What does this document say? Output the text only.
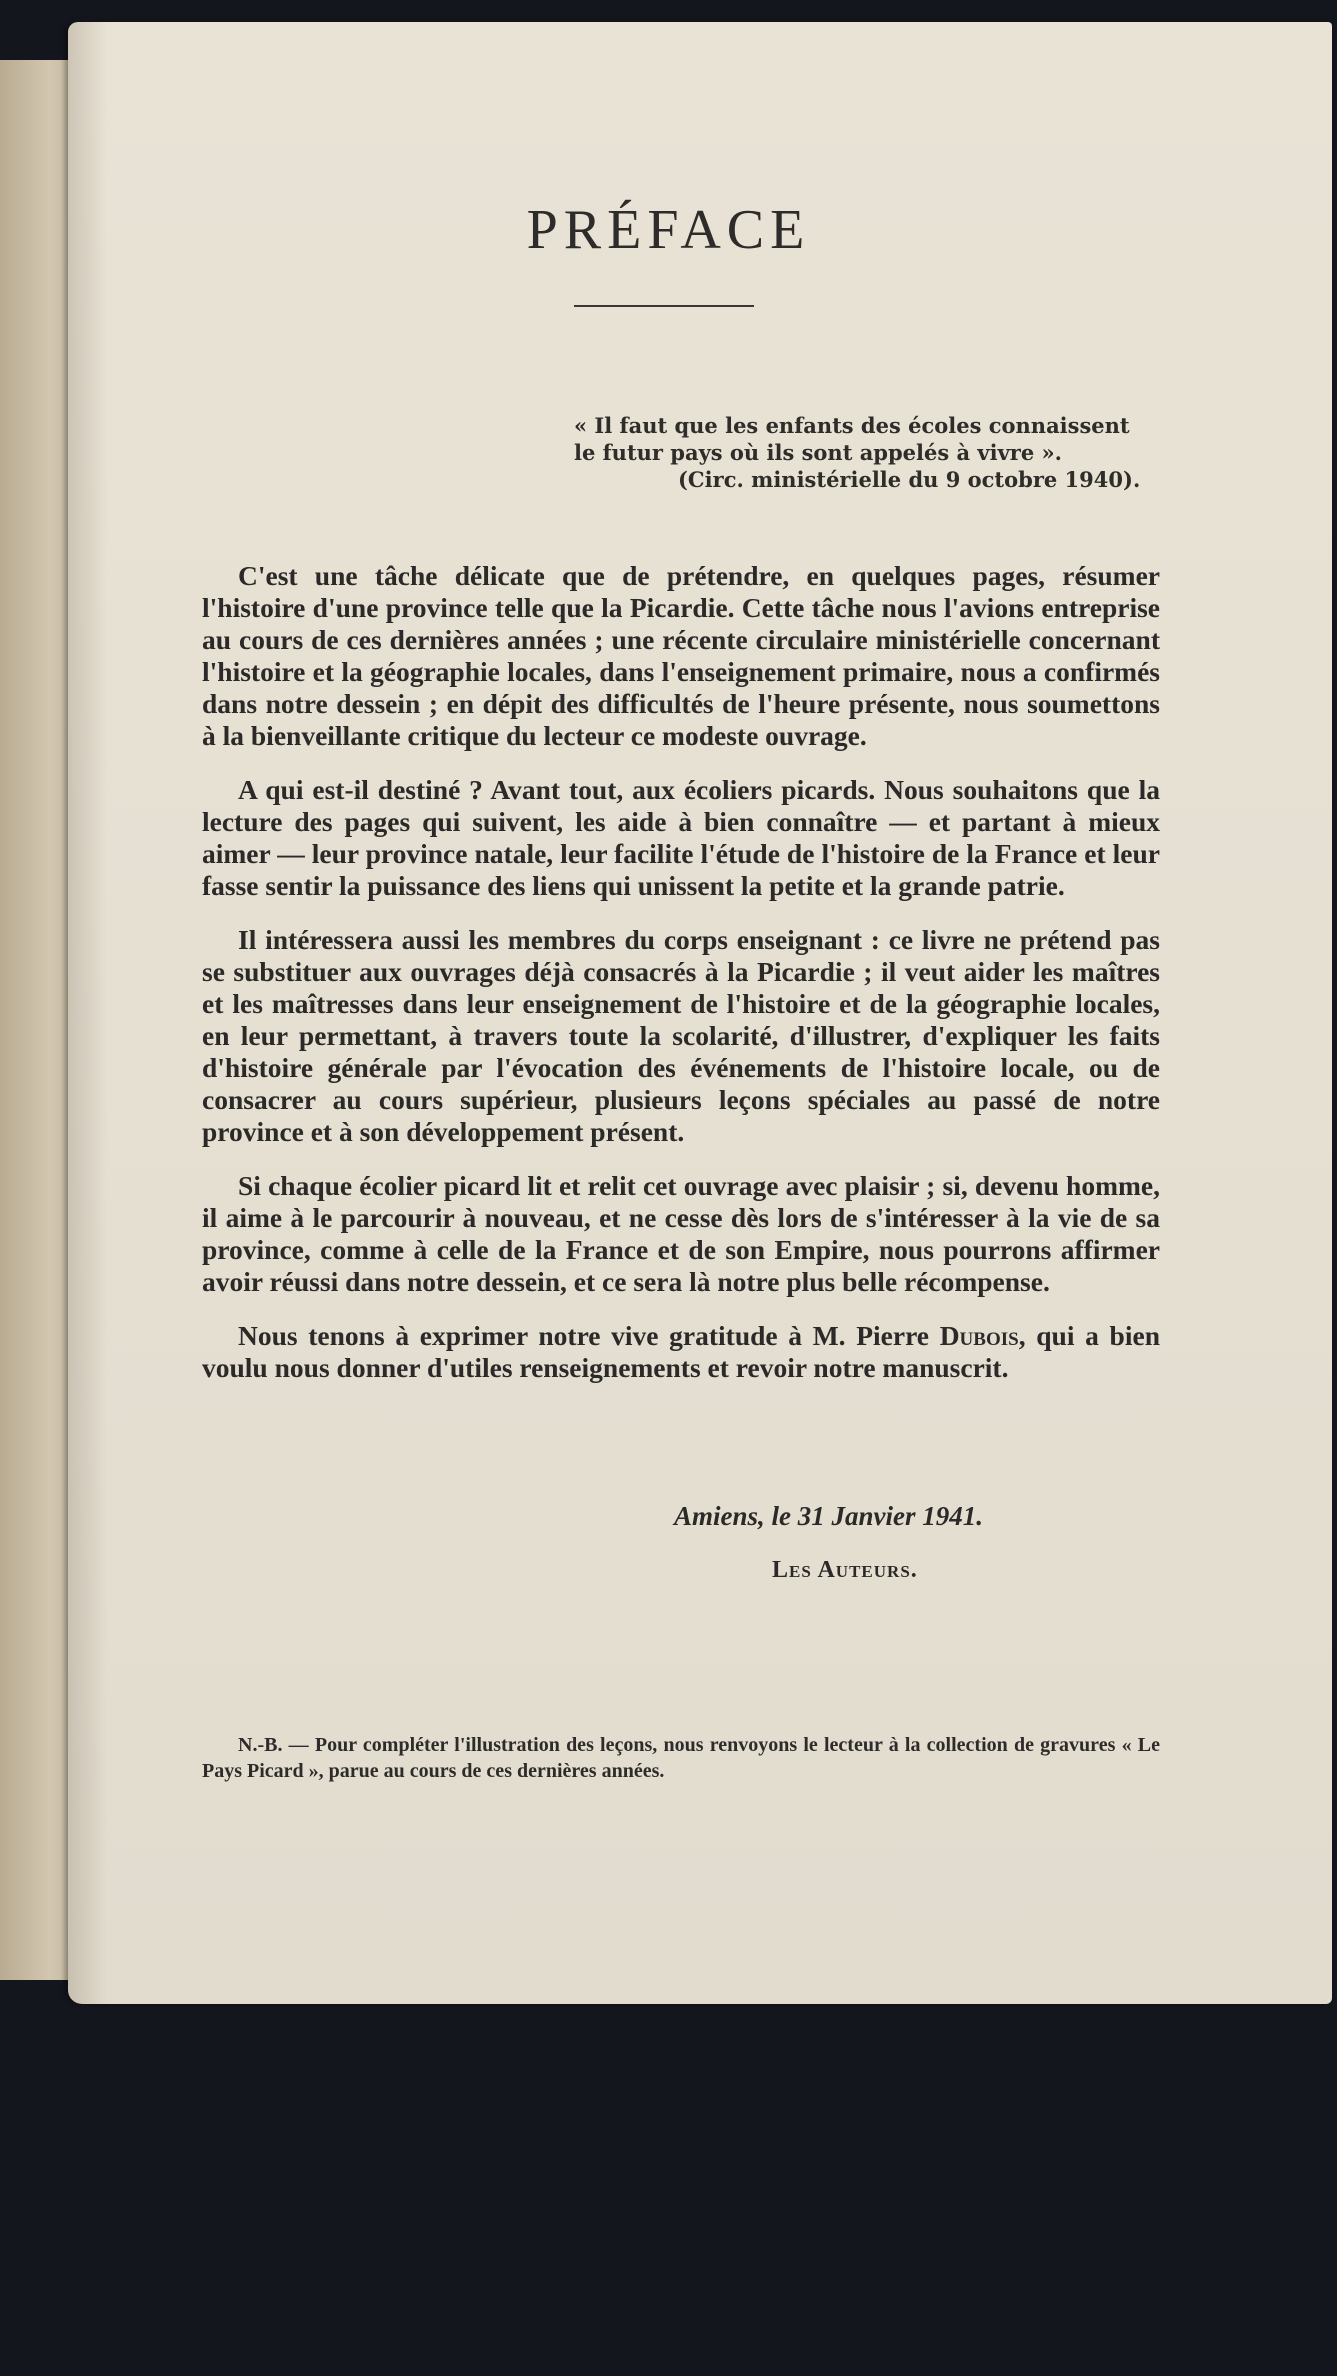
PRÉFACE
« Il faut que les enfants des écoles connaissent
le futur pays où ils sont appelés à vivre ».
(Circ. ministérielle du 9 octobre 1940).

C'est une tâche délicate que de prétendre, en quelques pages, résumer l'histoire d'une province telle que la Picardie. Cette tâche nous l'avions entreprise au cours de ces dernières années ; une récente circulaire ministérielle concernant l'histoire et la géographie locales, dans l'enseignement primaire, nous a confirmés dans notre dessein ; en dépit des difficultés de l'heure présente, nous soumettons à la bienveillante critique du lecteur ce modeste ouvrage.

A qui est-il destiné ? Avant tout, aux écoliers picards. Nous souhaitons que la lecture des pages qui suivent, les aide à bien connaître — et partant à mieux aimer — leur province natale, leur facilite l'étude de l'histoire de la France et leur fasse sentir la puissance des liens qui unissent la petite et la grande patrie.

Il intéressera aussi les membres du corps enseignant : ce livre ne prétend pas se substituer aux ouvrages déjà consacrés à la Picardie ; il veut aider les maîtres et les maîtresses dans leur enseignement de l'histoire et de la géographie locales, en leur permettant, à travers toute la scolarité, d'illustrer, d'expliquer les faits d'histoire générale par l'évocation des événements de l'histoire locale, ou de consacrer au cours supérieur, plusieurs leçons spéciales au passé de notre province et à son développement présent.

Si chaque écolier picard lit et relit cet ouvrage avec plaisir ; si, devenu homme, il aime à le parcourir à nouveau, et ne cesse dès lors de s'intéresser à la vie de sa province, comme à celle de la France et de son Empire, nous pourrons affirmer avoir réussi dans notre dessein, et ce sera là notre plus belle récompense.

Nous tenons à exprimer notre vive gratitude à M. Pierre Dubois, qui a bien voulu nous donner d'utiles renseignements et revoir notre manuscrit.

Amiens, le 31 Janvier 1941.
Les Auteurs.
N.-B. — Pour compléter l'illustration des leçons, nous renvoyons le lecteur à la collection de gravures « Le Pays Picard », parue au cours de ces dernières années.
